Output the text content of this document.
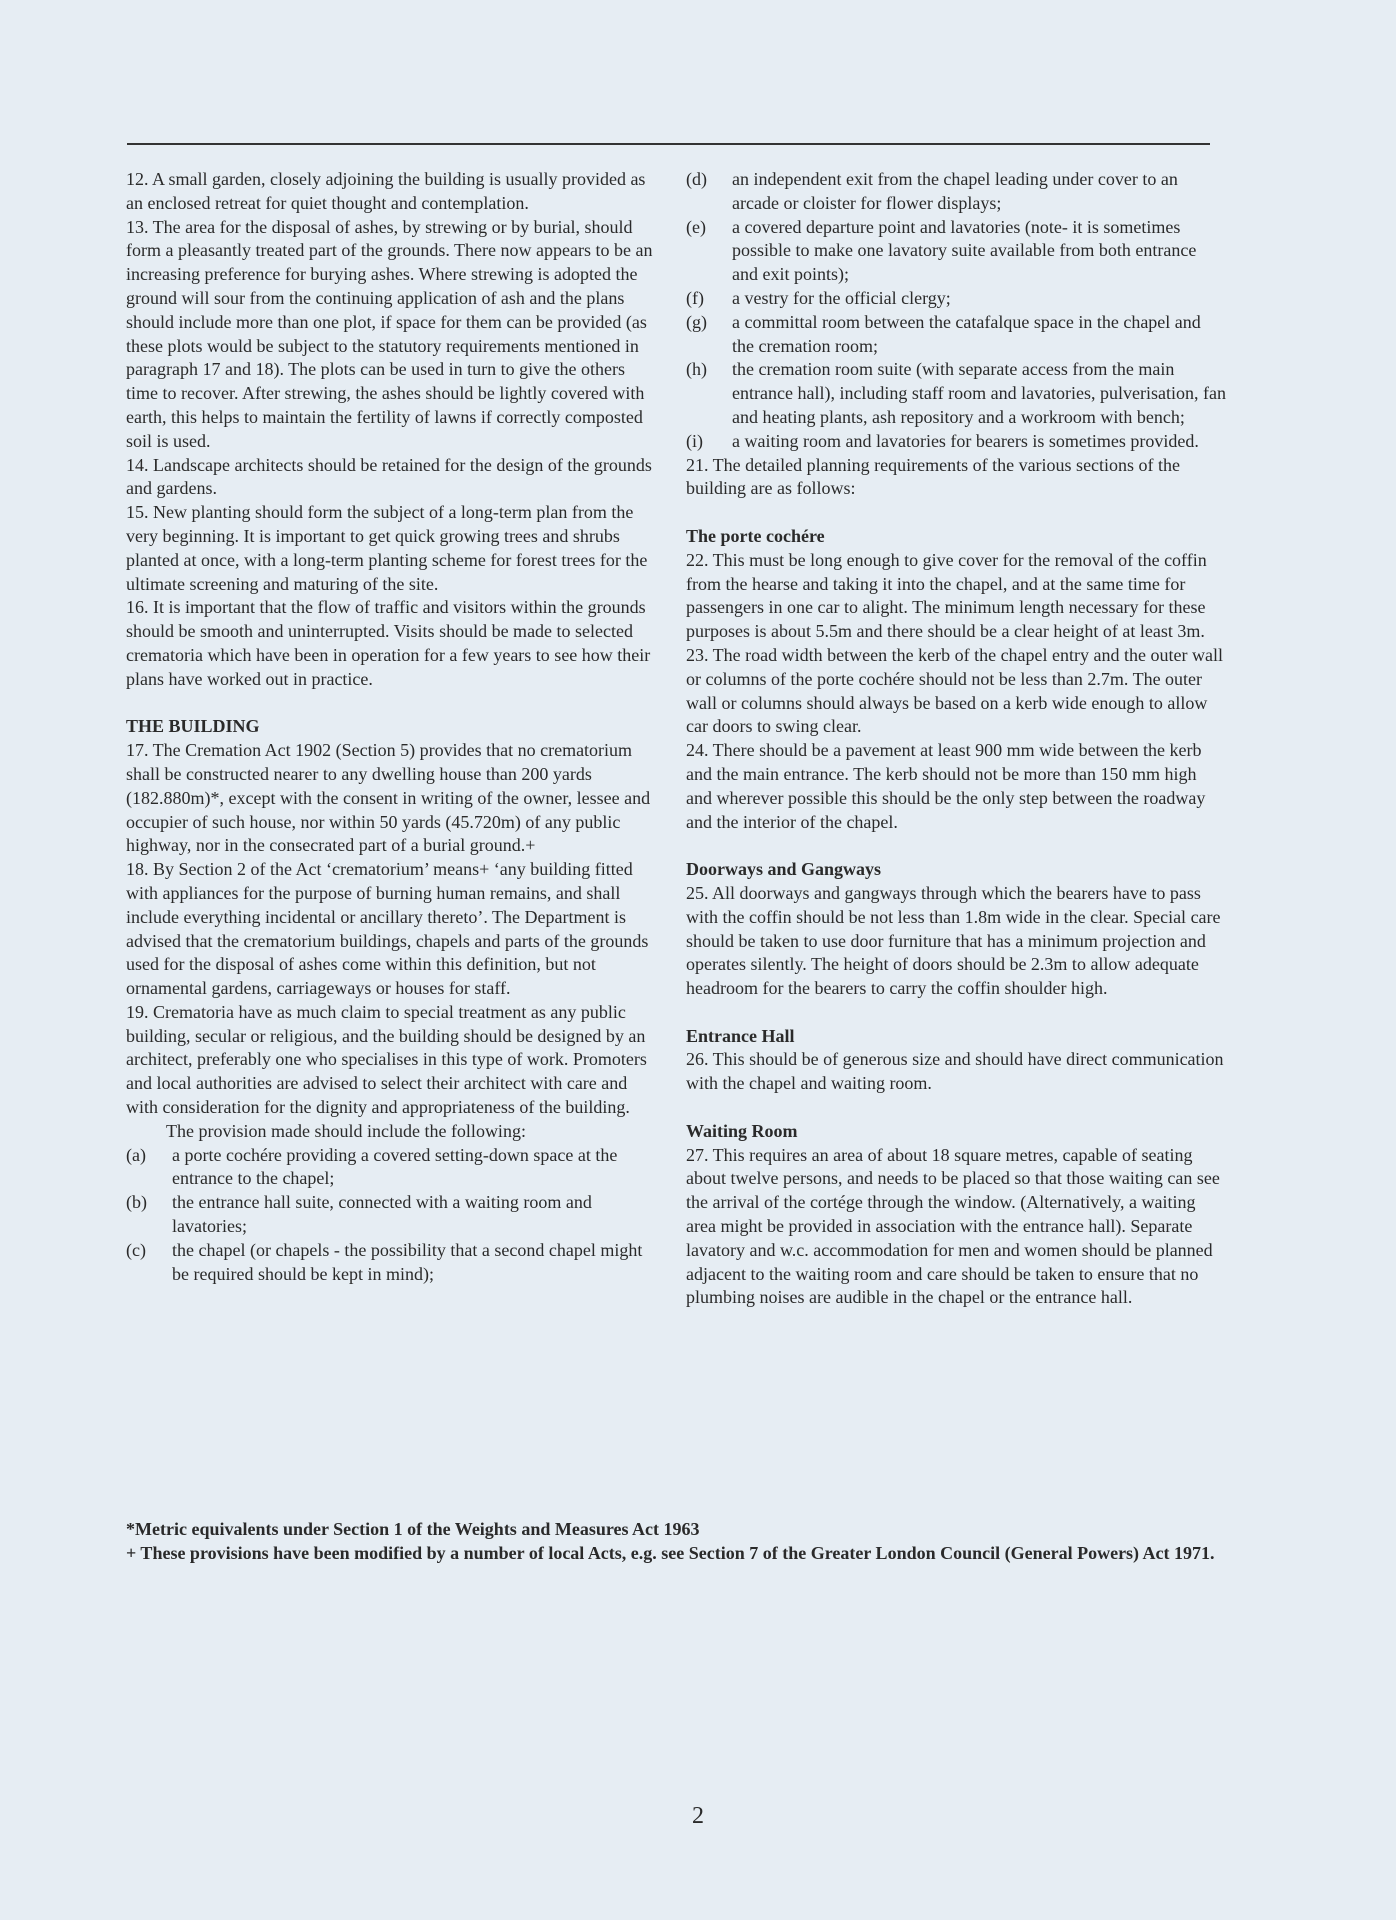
12. A small garden, closely adjoining the building is usually provided as an enclosed retreat for quiet thought and contemplation.

13. The area for the disposal of ashes, by strewing or by burial, should form a pleasantly treated part of the grounds. There now appears to be an increasing preference for burying ashes. Where strewing is adopted the ground will sour from the continuing application of ash and the plans should include more than one plot, if space for them can be provided (as these plots would be subject to the statutory requirements mentioned in paragraph 17 and 18). The plots can be used in turn to give the others time to recover. After strewing, the ashes should be lightly covered with earth, this helps to maintain the fertility of lawns if correctly composted soil is used.

14. Landscape architects should be retained for the design of the grounds and gardens.

15. New planting should form the subject of a long-term plan from the very beginning. It is important to get quick growing trees and shrubs planted at once, with a long-term planting scheme for forest trees for the ultimate screening and maturing of the site.

16. It is important that the flow of traffic and visitors within the grounds should be smooth and uninterrupted. Visits should be made to selected crematoria which have been in operation for a few years to see how their plans have worked out in practice.

THE BUILDING

17. The Cremation Act 1902 (Section 5) provides that no crematorium shall be constructed nearer to any dwelling house than 200 yards (182.880m)*, except with the consent in writing of the owner, lessee and occupier of such house, nor within 50 yards (45.720m) of any public highway, nor in the consecrated part of a burial ground.+

18. By Section 2 of the Act ‘crematorium’ means+ ‘any building fitted with appliances for the purpose of burning human remains, and shall include everything incidental or ancillary thereto’. The Department is advised that the crematorium buildings, chapels and parts of the grounds used for the disposal of ashes come within this definition, but not ornamental gardens, carriageways or houses for staff.

19. Crematoria have as much claim to special treatment as any public building, secular or religious, and the building should be designed by an architect, preferably one who specialises in this type of work. Promoters and local authorities are advised to select their architect with care and with consideration for the dignity and appropriateness of the building.

The provision made should include the following:

(a)	a porte cochére providing a covered setting-down space at the entrance to the chapel;
(b)	the entrance hall suite, connected with a waiting room and lavatories;
(c)	the chapel (or chapels - the possibility that a second chapel might be required should be kept in mind);
(d)	an independent exit from the chapel leading under cover to an arcade or cloister for flower displays;
(e)	a covered departure point and lavatories (note- it is sometimes possible to make one lavatory suite available from both entrance and exit points);
(f)	a vestry for the official clergy;
(g)	a committal room between the catafalque space in the chapel and the cremation room;
(h)	the cremation room suite (with separate access from the main entrance hall), including staff room and lavatories, pulverisation, fan and heating plants, ash repository and a workroom with bench;
(i)	a waiting room and lavatories for bearers is sometimes provided.

21. The detailed planning requirements of the various sections of the building are as follows:

The porte cochére

22. This must be long enough to give cover for the removal of the coffin from the hearse and taking it into the chapel, and at the same time for passengers in one car to alight. The minimum length necessary for these purposes is about 5.5m and there should be a clear height of at least 3m.

23. The road width between the kerb of the chapel entry and the outer wall or columns of the porte cochére should not be less than 2.7m. The outer wall or columns should always be based on a kerb wide enough to allow car doors to swing clear.

24. There should be a pavement at least 900 mm wide between the kerb and the main entrance. The kerb should not be more than 150 mm high and wherever possible this should be the only step between the roadway and the interior of the chapel.

Doorways and Gangways

25. All doorways and gangways through which the bearers have to pass with the coffin should be not less than 1.8m wide in the clear. Special care should be taken to use door furniture that has a minimum projection and operates silently. The height of doors should be 2.3m to allow adequate headroom for the bearers to carry the coffin shoulder high.

Entrance Hall

26. This should be of generous size and should have direct communication with the chapel and waiting room.

Waiting Room

27. This requires an area of about 18 square metres, capable of seating about twelve persons, and needs to be placed so that those waiting can see the arrival of the cortége through the window. (Alternatively, a waiting area might be provided in association with the entrance hall). Separate lavatory and w.c. accommodation for men and women should be planned adjacent to the waiting room and care should be taken to ensure that no plumbing noises are audible in the chapel or the entrance hall.

*Metric equivalents under Section 1 of the Weights and Measures Act 1963

+ These provisions have been modified by a number of local Acts, e.g. see Section 7 of the Greater London Council (General Powers) Act 1971.

2
